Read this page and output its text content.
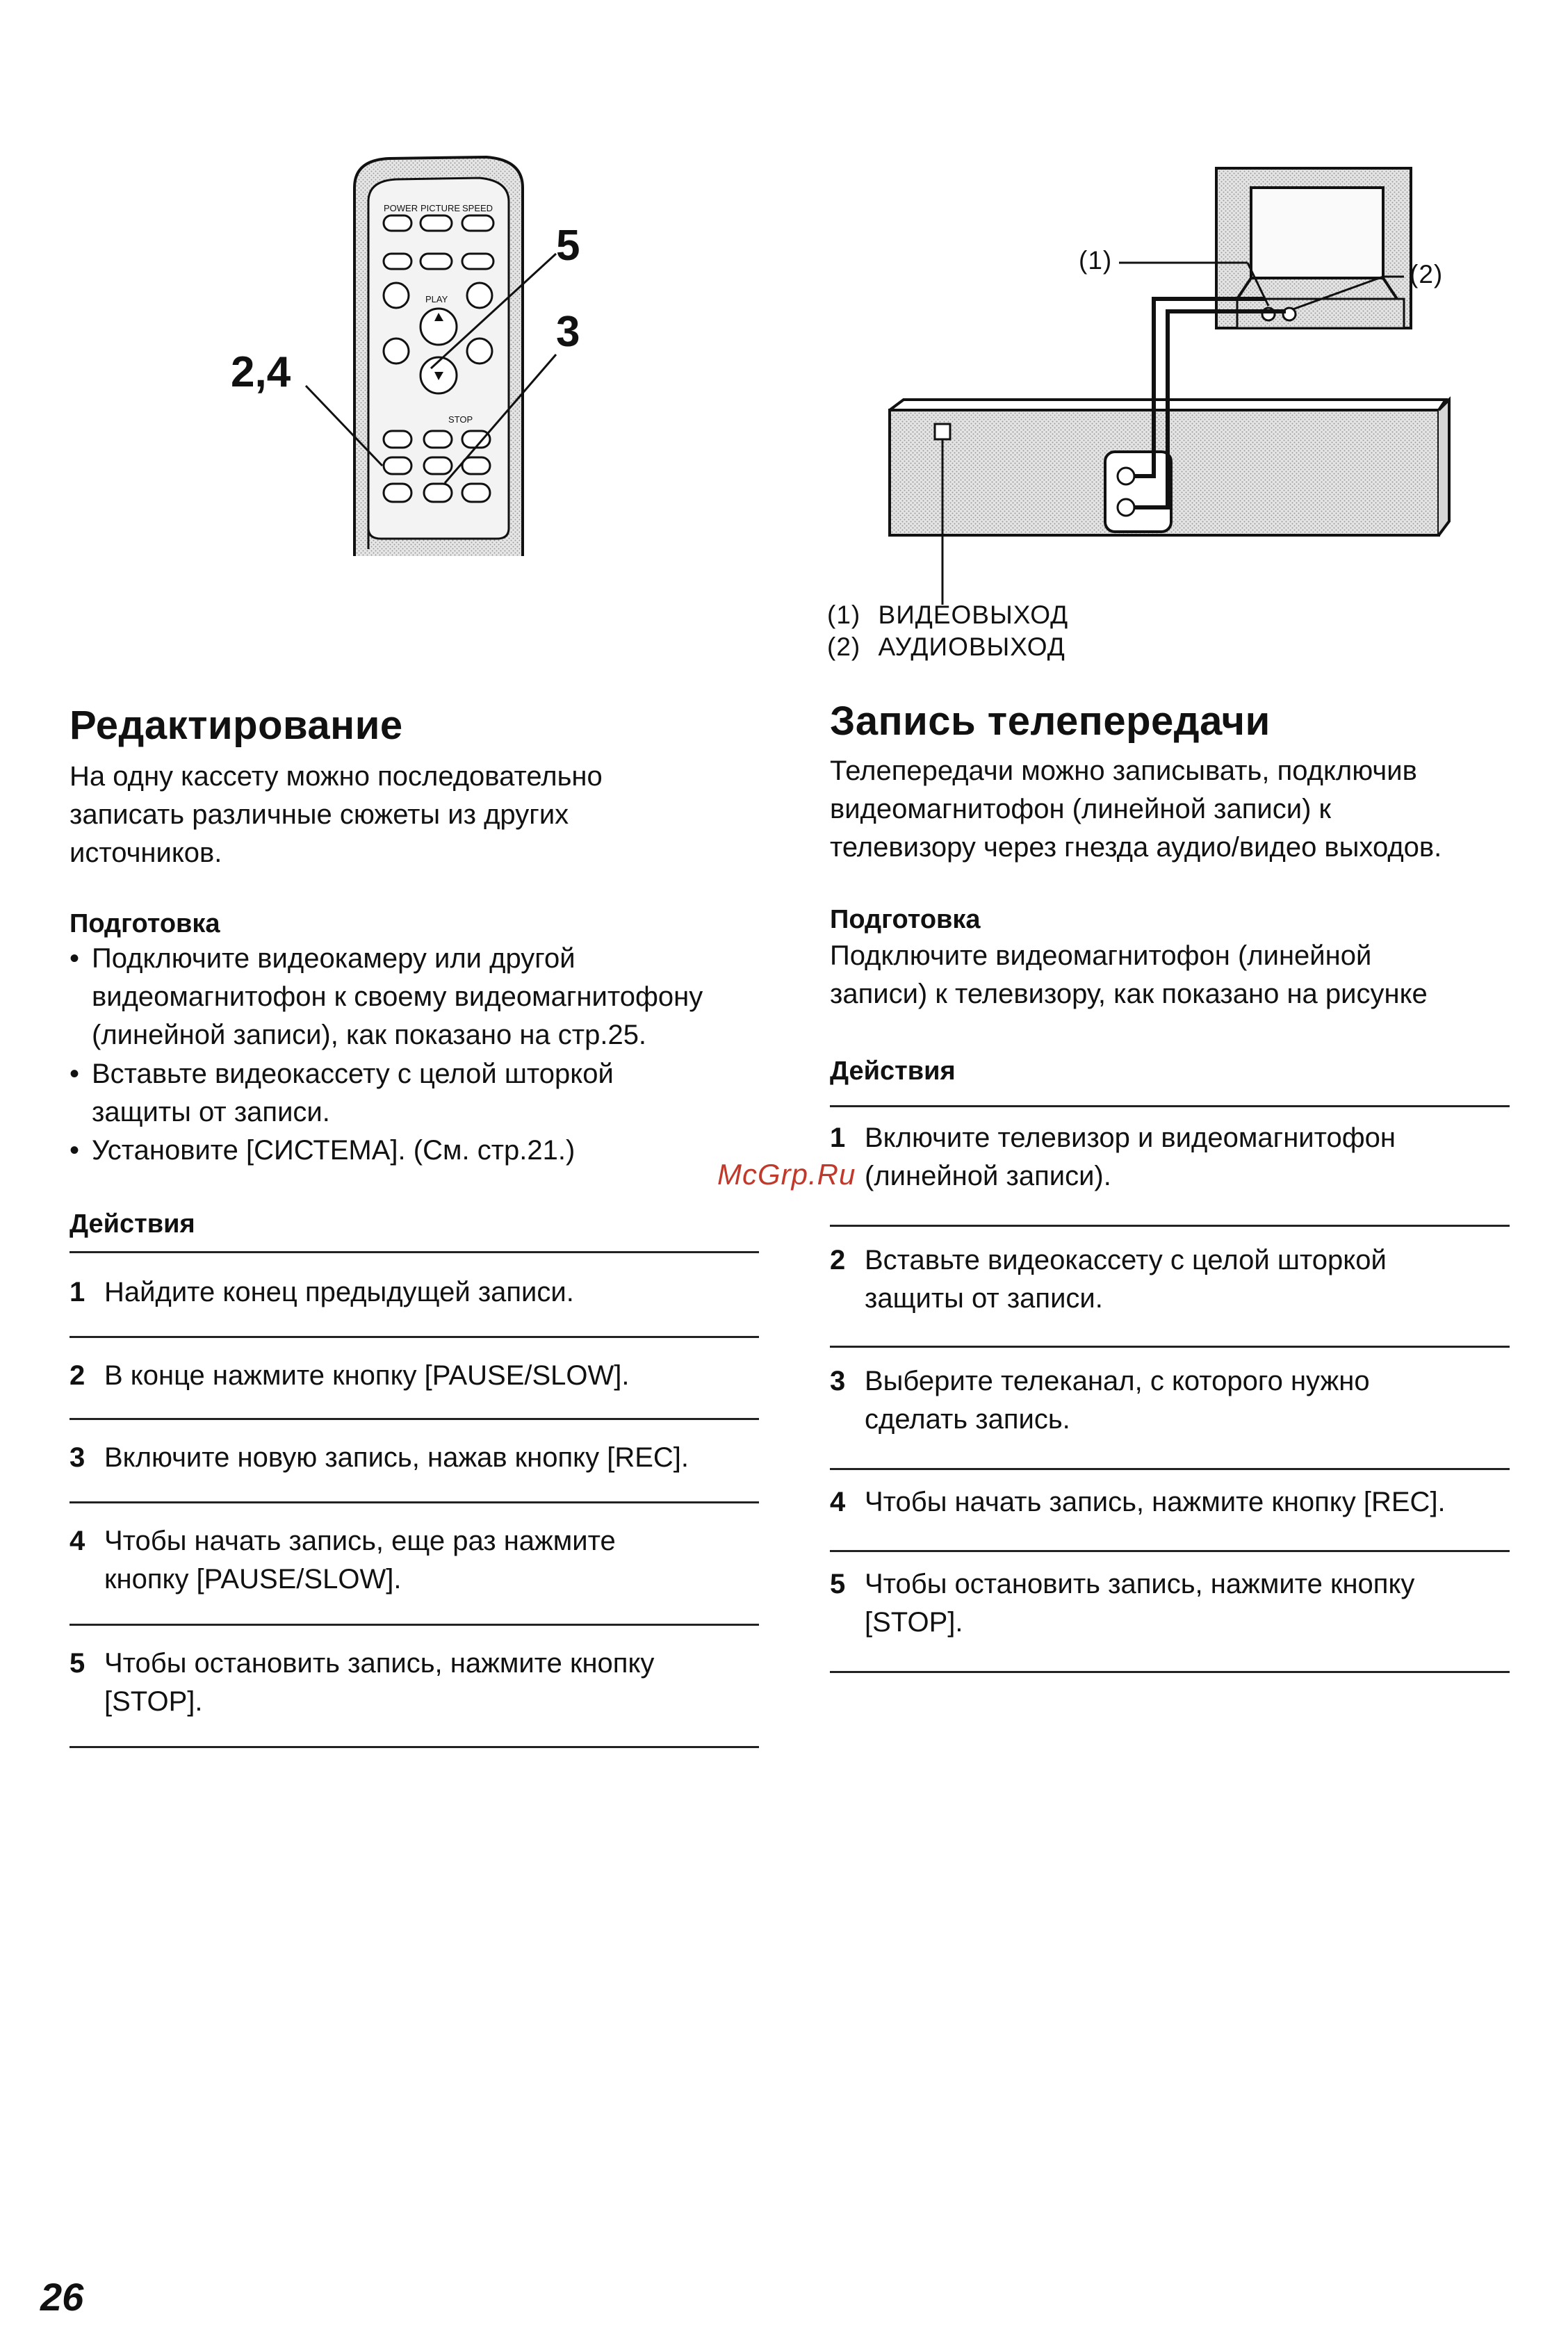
POWER PICTURE SPEED
PLAY
STOP
5
3
2,4
(1)	(2)
(1) ВИДЕОВЫХОД
(2) АУДИОВЫХОД
Редактирование
На одну кассету можно последовательно
записать различные сюжеты из других
источников.
Подготовка
• Подключите видеокамеру или другой
видеомагнитофон к своему видеомагнитофону
(линейной записи), как показано на стр.25.
• Вставьте видеокассету с целой шторкой
защиты от записи.
• Установите [СИСТЕМА]. (См. стр.21.)
Действия
1 Найдите конец предыдущей записи.
2 В конце нажмите кнопку [PAUSE/SLOW].
3 Включите новую запись, нажав кнопку [REC].
4 Чтобы начать запись, еще раз нажмите
кнопку [PAUSE/SLOW].
5 Чтобы остановить запись, нажмите кнопку
[STOP].
Запись телепередачи
Телепередачи можно записывать, подключив
видеомагнитофон (линейной записи) к
телевизору через гнезда аудио/видео выходов.
Подготовка
Подключите видеомагнитофон (линейной
записи) к телевизору, как показано на рисунке
Действия
1 Включите телевизор и видеомагнитофон
(линейной записи).
2 Вставьте видеокассету с целой шторкой
защиты от записи.
3 Выберите телеканал, с которого нужно
сделать запись.
4 Чтобы начать запись, нажмите кнопку [REC].
5 Чтобы остановить запись, нажмите кнопку
[STOP].
McGrp.Ru
26
